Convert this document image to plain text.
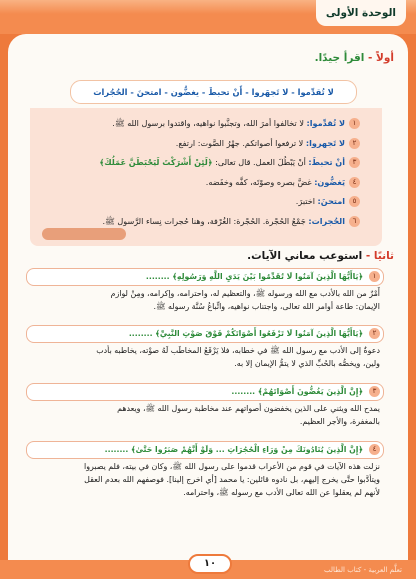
الوحدة الأولى
أولاً - اقرأ جيدًا.
لا تُقدِّموا - لا تَجهَروا - أَنْ تحبطَ - يغضُّون - امتحنَ - الحُجُرات
١لا تُقدِّموا: لا تخالفوا أمرَ الله، وتجنَّبوا نواهيه، واقتدوا برسول الله ﷺ.
٢لا تَجهروا: لا ترفعوا أصواتكم. جهْرُ الصَّوت: ارتفع.
٣أنْ تحبطَ: أنْ يَبْطُلَ العمل. قال تعالى: ﴿لَئِنْ أَشْرَكْتَ لَيَحْبَطَنَّ عَمَلُكَ﴾
٤يَغضُّون: غضَّ بصره وصوْتَه، كفَّه وخفَضه.
٥امتحنَ: اختبرَ.
٦الحُجرات: جَمْعُ الحُجْرة. الحُجْرة: الغُرْفة، وهنا حُجرات نِساء الرَّسول ﷺ.
ثانيًا - استوعب معاني الآيات.
١
﴿يَاأَيُّهَا الَّذِينَ آمَنُوا لَا تُقَدِّمُوا بَيْنَ يَدَيِ اللَّهِ وَرَسُولِهِ﴾ ........
أَمْرٌ من الله بالأدب مع الله ورسوله ﷺ، والتعظيم له، واحترامه، وإكرامه، ومِنْ لوازم
الإيمان: طاعة أوامر الله تعالى، واجتناب نواهيه، واتِّباعُ سُنَّة رسوله ﷺ.
٢
﴿يَاأَيُّهَا الَّذِينَ آمَنُوا لَا تَرْفَعُوا أَصْوَاتَكُمْ فَوْقَ صَوْتِ النَّبِيِّ﴾ ........
دعوةٌ إلى الأدب مع رسول الله ﷺ في خطابه، فلا يَرْفَعُ المخاطَب لَهُ صوْته، يخاطبه بأدب
ولين، ويخصُّه بالحُبِّ الذي لا يتمُّ الإيمان إلا به.
٣
﴿إِنَّ الَّذِينَ يَغُضُّونَ أَصْوَاتَهُمْ﴾ ........
يمدح الله ويثني على الذين يخفضون أصواتهم عند مخاطبة رسول الله ﷺ، ويعدهم
بالمغفرة، والأجر العظيم.
٤
﴿إِنَّ الَّذِينَ يُنَادُونَكَ مِنْ وَرَاءِ الْحُجُرَاتِ ... وَلَوْ أَنَّهُمْ صَبَرُوا حَتَّىٰ﴾ ........
نزلت هذه الآيات في قوم من الأعراب قدموا على رسول الله ﷺ، وكان في بيته، فلم يصبروا
ويتأدَّبوا حتَّى يخرج إليهم، بل نادوه قائلين: يا محمد [أي اخرج إلينا]. فوصفهم الله بعدم العقل
لأنهم لم يعقلوا عن الله تعالى الأدب مع رسوله ﷺ، واحترامه.
١٠
تعلَّم العربية - كتاب الطالب
